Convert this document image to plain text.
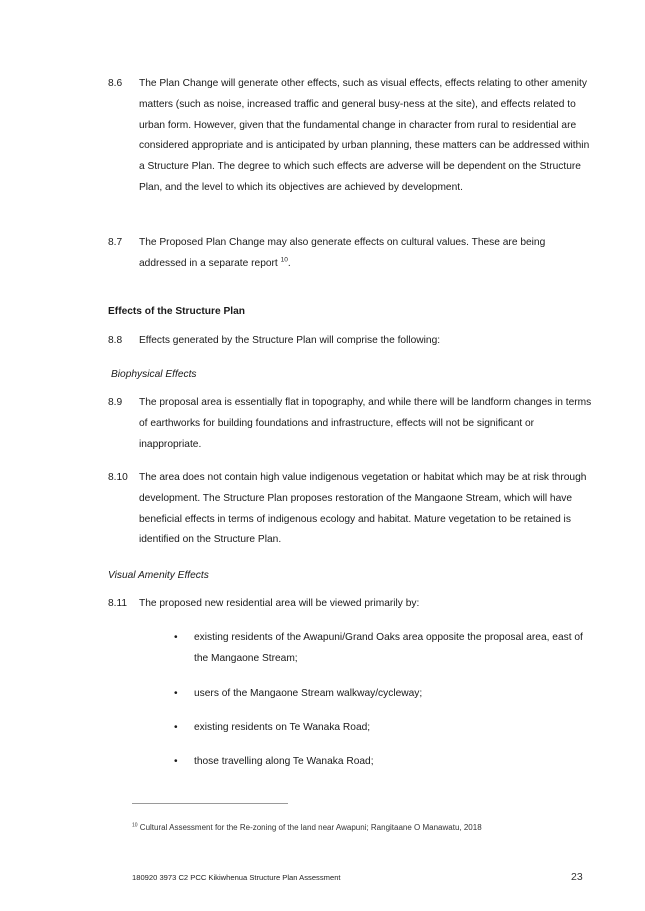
8.6	The Plan Change will generate other effects, such as visual effects, effects relating to other amenity matters (such as noise, increased traffic and general busy-ness at the site), and effects related to urban form. However, given that the fundamental change in character from rural to residential are considered appropriate and is anticipated by urban planning, these matters can be addressed within a Structure Plan. The degree to which such effects are adverse will be dependent on the Structure Plan, and the level to which its objectives are achieved by development.
8.7	The Proposed Plan Change may also generate effects on cultural values. These are being addressed in a separate report $^{10}$.
Effects of the Structure Plan
8.8	Effects generated by the Structure Plan will comprise the following:
Biophysical Effects
8.9	The proposal area is essentially flat in topography, and while there will be landform changes in terms of earthworks for building foundations and infrastructure, effects will not be significant or inappropriate.
8.10	The area does not contain high value indigenous vegetation or habitat which may be at risk through development. The Structure Plan proposes restoration of the Mangaone Stream, which will have beneficial effects in terms of indigenous ecology and habitat. Mature vegetation to be retained is identified on the Structure Plan.
Visual Amenity Effects
8.11	The proposed new residential area will be viewed primarily by:
• existing residents of the Awapuni/Grand Oaks area opposite the proposal area, east of the Mangaone Stream;
• users of the Mangaone Stream walkway/cycleway;
• existing residents on Te Wanaka Road;
• those travelling along Te Wanaka Road;
$^{10}$ Cultural Assessment for the Re-zoning of the land near Awapuni; Rangitaane O Manawatu, 2018
180920 3973 C2 PCC Kikiwhenua Structure Plan Assessment	23
